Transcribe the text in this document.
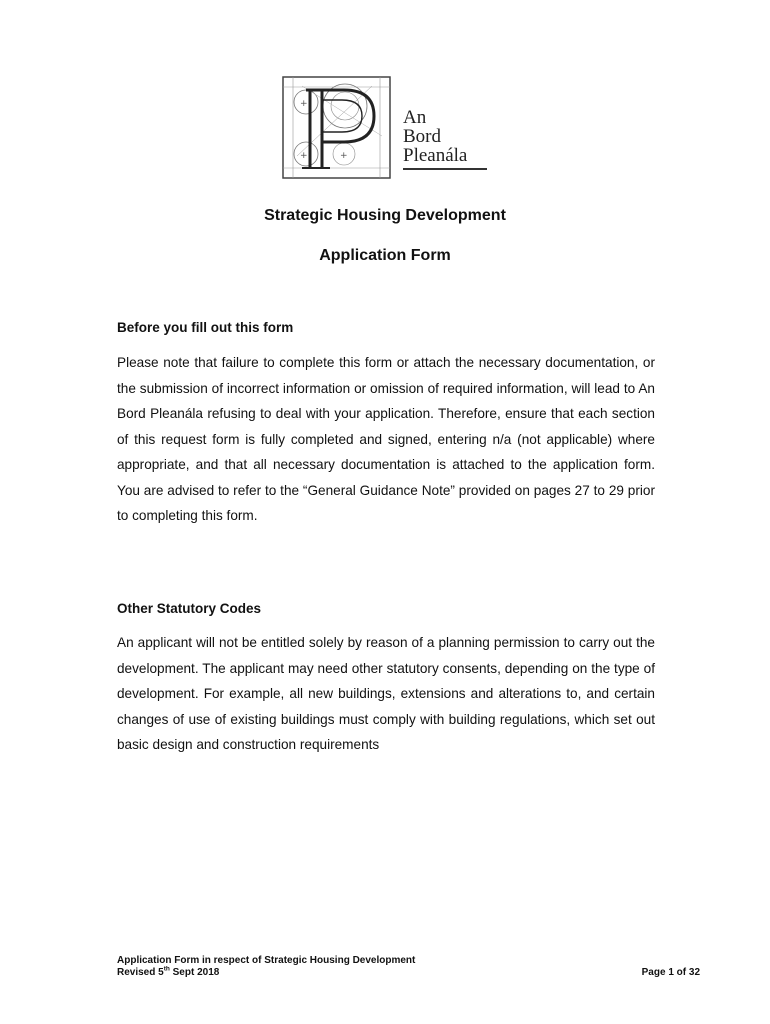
+
+	+
An
Bord
Pleanála
Strategic Housing Development
Application Form
Before you fill out this form

Please note that failure to complete this form or attach the necessary documentation, or the submission of incorrect information or omission of required information, will lead to An Bord Pleanála refusing to deal with your application. Therefore, ensure that each section of this request form is fully completed and signed, entering n/a (not applicable) where appropriate, and that all necessary documentation is attached to the application form. You are advised to refer to the “General Guidance Note” provided on pages 27 to 29 prior to completing this form.

Other Statutory Codes

An applicant will not be entitled solely by reason of a planning permission to carry out the development. The applicant may need other statutory consents, depending on the type of development. For example, all new buildings, extensions and alterations to, and certain changes of use of existing buildings must comply with building regulations, which set out basic design and construction requirements

Application Form in respect of Strategic Housing Development
Revised 5th Sept 2018	Page 1 of 32
